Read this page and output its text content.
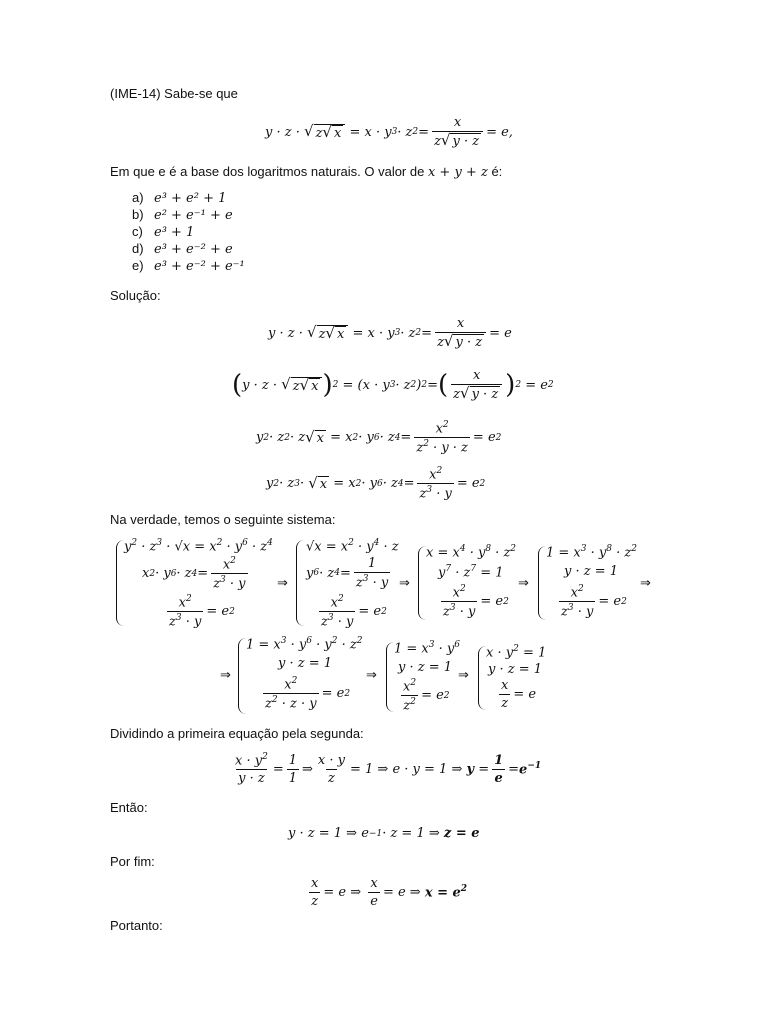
(IME-14) Sabe-se que
y · z · √ z √ x = x · y 3 · z $2 = \frac{x}{z √ y \cdot z} = e$,
Em que e é a base dos logaritmos naturais. O valor de x + y + z é:
a) e³ + e² + 1
b) e² + e⁻¹ + e
c) e³ + 1
d) e³ + e⁻² + e
e) e³ + e⁻² + e⁻¹
Solução:
y · z · √ z √ x = x · y 3 · z $2 = \frac{x}{z √ y \cdot z} = e$
( y · z · √ z √ x ) 2 = (x · y 3 · z 2 ) 2 = ( $\frac{x}{z √ y \cdot z}$ ) 2 = e 2
y 2 · z 2 · z √ x = x 2 · y 6 · z $4 = \frac{x^2}{z^2 \cdot y \cdot z} = e$ 2
y 2 · z 3 · √ x = x 2 · y 6 · z $4 = \frac{x^2}{z^3 \cdot y} = e$ 2
Na verdade, temos o seguinte sistema:
$y^2 \cdot z^3 \cdot √x = x^2 \cdot y^6 \cdot z^4$
x 2 · y 6 · z $4 = \frac{x^2}{z^3 \cdot y}$
$\frac{x^2}{z^3 \cdot y} = e$ 2
⇒
$√x = x^2 \cdot y^4 \cdot z$
y 6 · z $4 = \frac{1}{z^3 \cdot y}$
$\frac{x^2}{z^3 \cdot y} = e$ 2
⇒
$x = x^4 \cdot y^8 \cdot z^2$
$y^7 \cdot z^7 = 1$
$\frac{x^2}{z^3 \cdot y} = e$ 2
⇒
$1 = x^3 \cdot y^8 \cdot z^2$
y · z = 1
$\frac{x^2}{z^3 \cdot y} = e$ 2
⇒
⇒
$1 = x^3 \cdot y^6 \cdot y^2 \cdot z^2$
y · z = 1
$\frac{x^2}{z^2 \cdot z \cdot y} = e$ 2
⇒
$1 = x^3 \cdot y^6$
y · z = 1
$\frac{x^2}{z^2} = e$ 2
⇒
$x \cdot y^2 = 1$
y · z = 1
$\frac{x}{z} = e$
Dividindo a primeira equação pela segunda:
$\frac{x \cdot y^2}{y \cdot z} = \frac{1}{1}$ ⇒ $\frac{x \cdot y}{z} = 1$ ⇒ e · y = 1 ⇒ $y = \frac{1}{e} = e^{-1}$
Então:
y · z = 1 ⇒ e −1 · z = 1 ⇒ z = e
Por fim:
$\frac{x}{z} = e$ ⇒ $\frac{x}{e} = e$ ⇒ $x = e^2$
Portanto:
